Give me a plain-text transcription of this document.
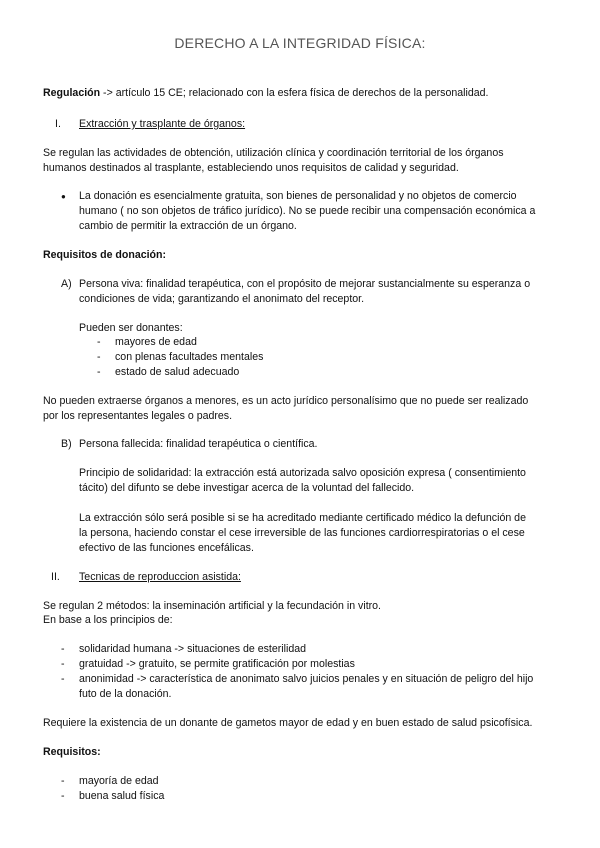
DERECHO A LA INTEGRIDAD FÍSICA:
Regulación -> artículo 15 CE; relacionado con la esfera física de derechos de la personalidad.
I. Extracción y trasplante de órganos:
Se regulan las actividades de obtención, utilización clínica y coordinación territorial de los órganos
humanos destinados al trasplante, estableciendo unos requisitos de calidad y seguridad.
● La donación es esencialmente gratuita, son bienes de personalidad y no objetos de comercio
humano ( no son objetos de tráfico jurídico). No se puede recibir una compensación económica a
cambio de permitir la extracción de un órgano.
Requisitos de donación:
A) Persona viva: finalidad terapéutica, con el propósito de mejorar sustancialmente su esperanza o
condiciones de vida; garantizando el anonimato del receptor.
Pueden ser donantes:
- mayores de edad
- con plenas facultades mentales
- estado de salud adecuado
No pueden extraerse órganos a menores, es un acto jurídico personalísimo que no puede ser realizado
por los representantes legales o padres.
B) Persona fallecida: finalidad terapéutica o científica.
Principio de solidaridad: la extracción está autorizada salvo oposición expresa ( consentimiento
tácito) del difunto se debe investigar acerca de la voluntad del fallecido.
La extracción sólo será posible si se ha acreditado mediante certificado médico la defunción de
la persona, haciendo constar el cese irreversible de las funciones cardiorrespiratorias o el cese
efectivo de las funciones encefálicas.
II. Tecnicas de reproduccion asistida:
Se regulan 2 métodos: la inseminación artificial y la fecundación in vitro.
En base a los principios de:
- solidaridad humana -> situaciones de esterilidad
- gratuidad -> gratuito, se permite gratificación por molestias
- anonimidad -> característica de anonimato salvo juicios penales y en situación de peligro del hijo
futo de la donación.
Requiere la existencia de un donante de gametos mayor de edad y en buen estado de salud psicofísica.
Requisitos:
- mayoría de edad
- buena salud física
